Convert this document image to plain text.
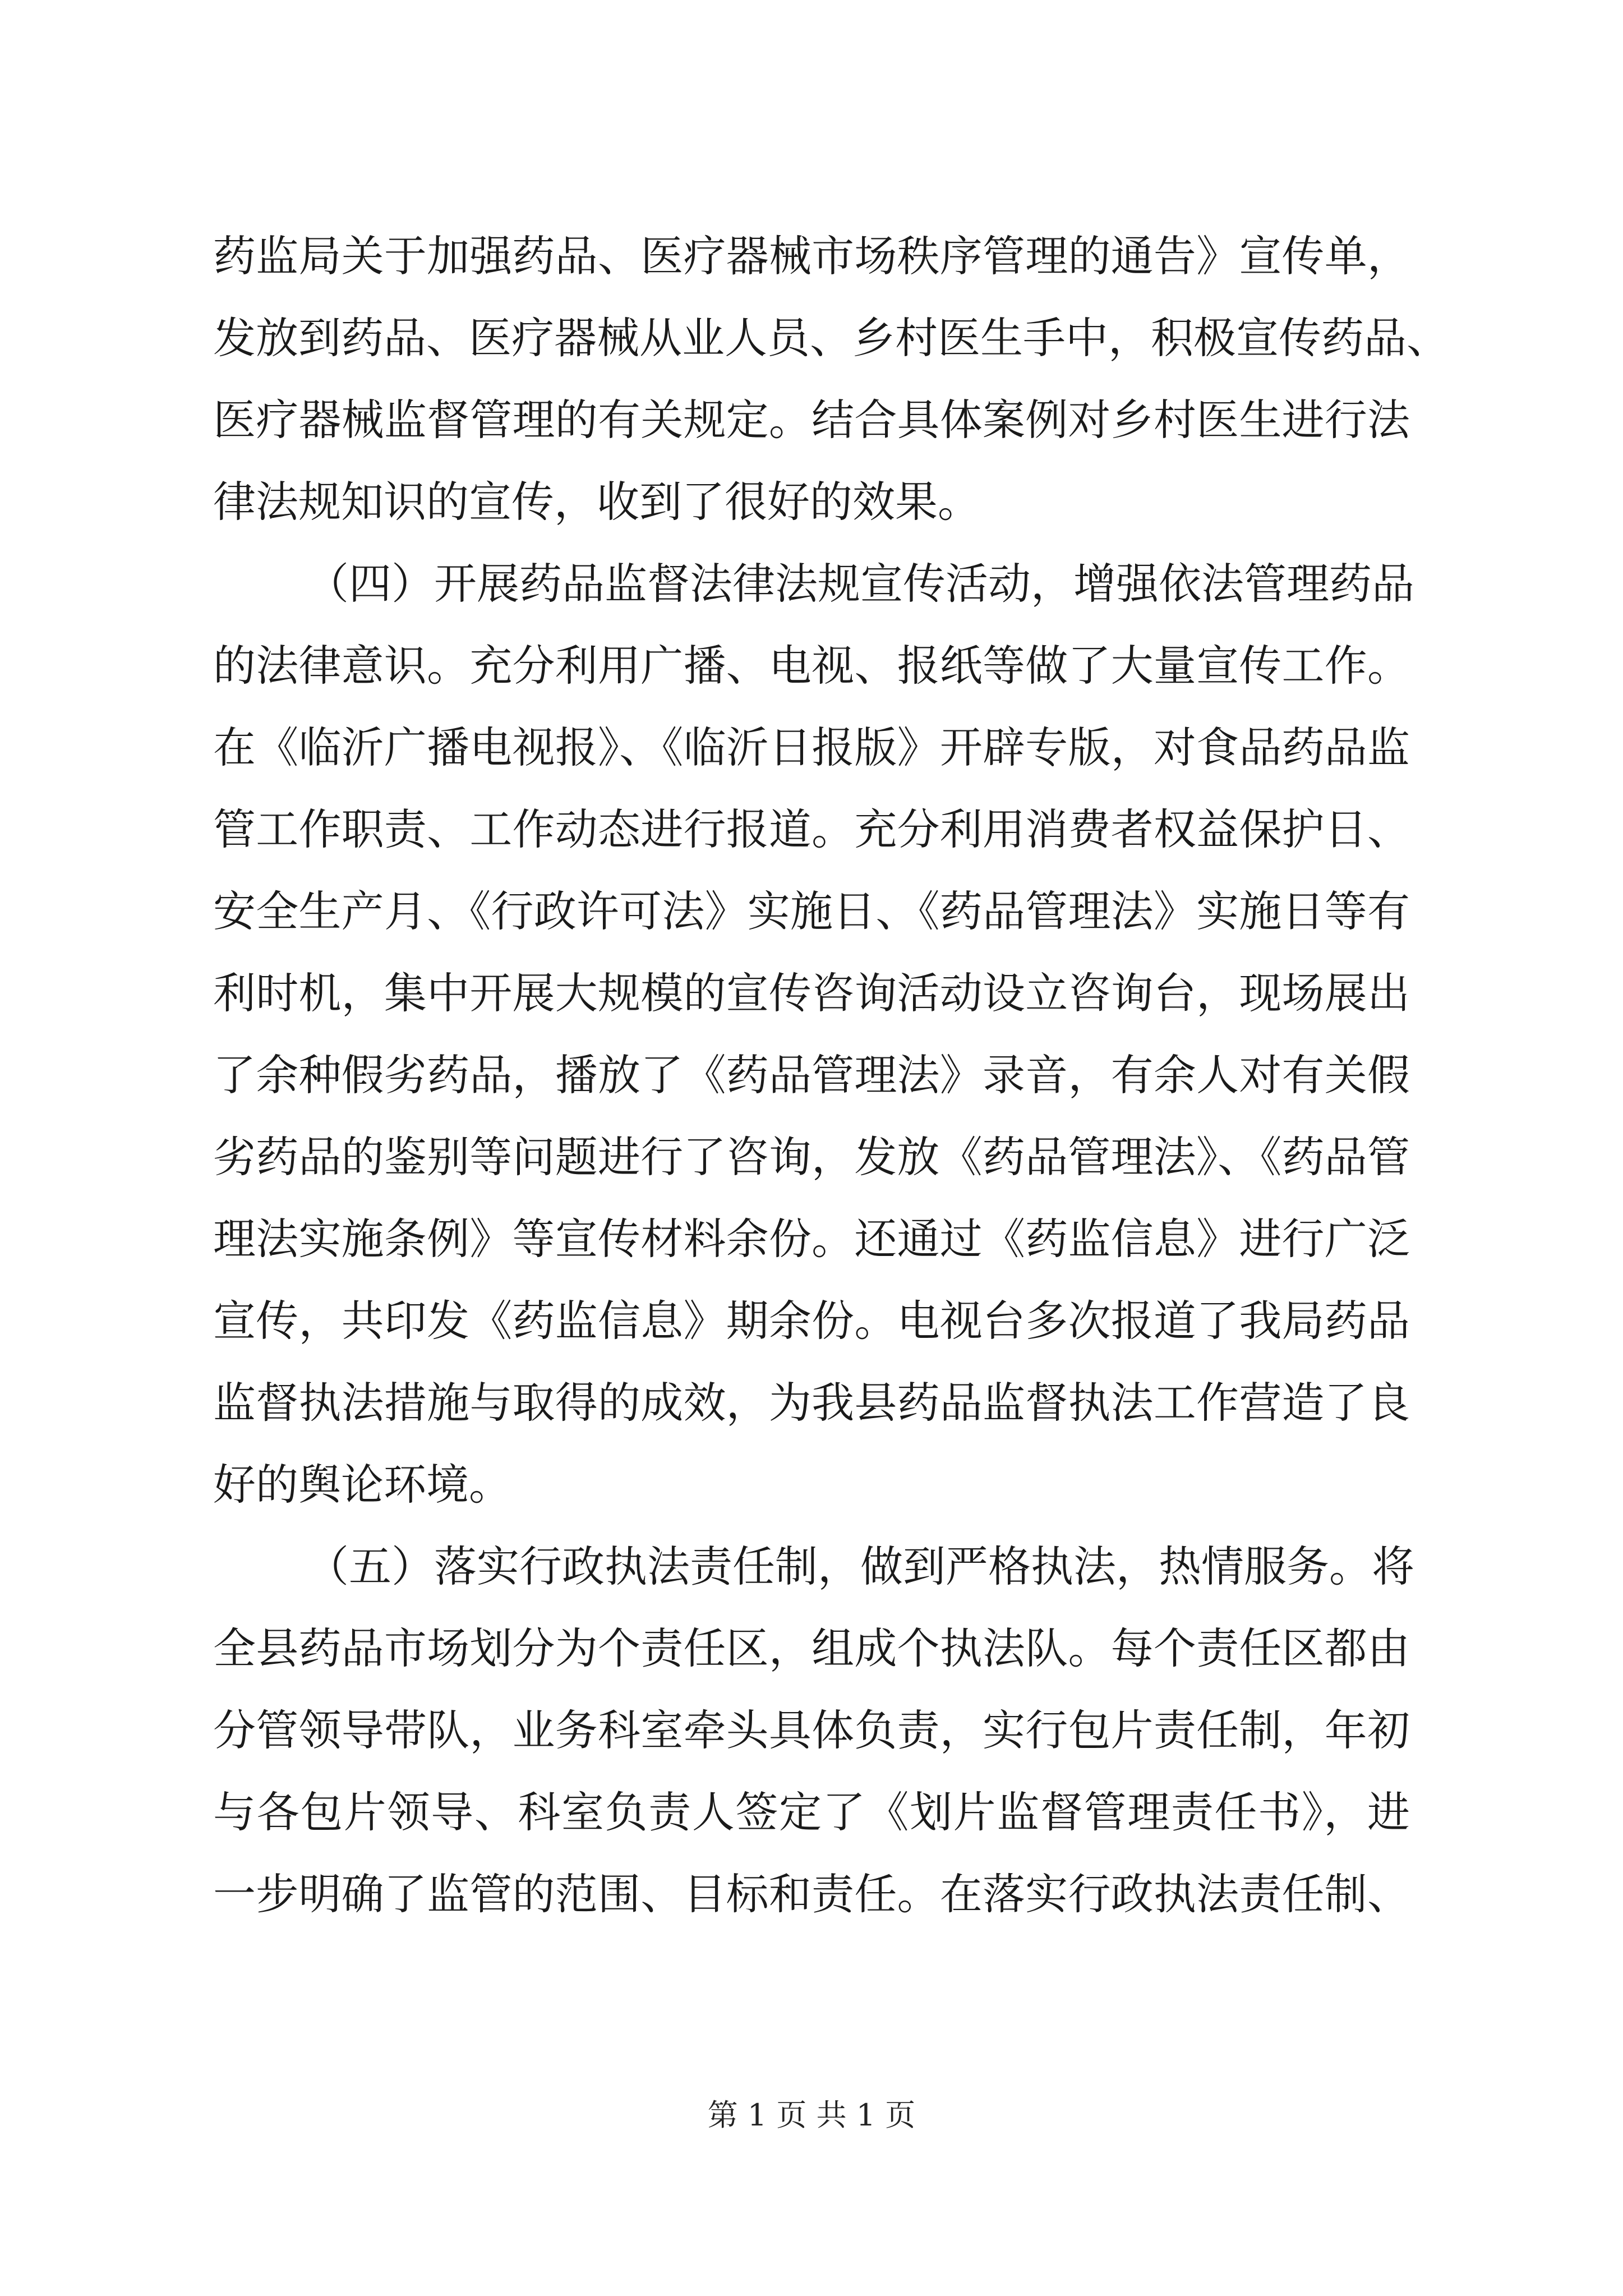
药监局关于加强药品、医疗器械市场秩序管理的通告》宣传单，
发放到药品、医疗器械从业人员、乡村医生手中，积极宣传药品、
医疗器械监督管理的有关规定。结合具体案例对乡村医生进行法
律法规知识的宣传，收到了很好的效果。
（四）开展药品监督法律法规宣传活动，增强依法管理药品
的法律意识。充分利用广播、电视、报纸等做了大量宣传工作。
在《临沂广播电视报》、《临沂日报版》开辟专版，对食品药品监
管工作职责、工作动态进行报道。充分利用消费者权益保护日、
安全生产月、《行政许可法》实施日、《药品管理法》实施日等有
利时机，集中开展大规模的宣传咨询活动设立咨询台，现场展出
了余种假劣药品，播放了《药品管理法》录音，有余人对有关假
劣药品的鉴别等问题进行了咨询，发放《药品管理法》、《药品管
理法实施条例》等宣传材料余份。还通过《药监信息》进行广泛
宣传，共印发《药监信息》期余份。电视台多次报道了我局药品
监督执法措施与取得的成效，为我县药品监督执法工作营造了良
好的舆论环境。
（五）落实行政执法责任制，做到严格执法，热情服务。将
全县药品市场划分为个责任区，组成个执法队。每个责任区都由
分管领导带队，业务科室牵头具体负责，实行包片责任制，年初
与各包片领导、科室负责人签定了《划片监督管理责任书》，进
一步明确了监管的范围、目标和责任。在落实行政执法责任制、
第 1 页 共 1 页
